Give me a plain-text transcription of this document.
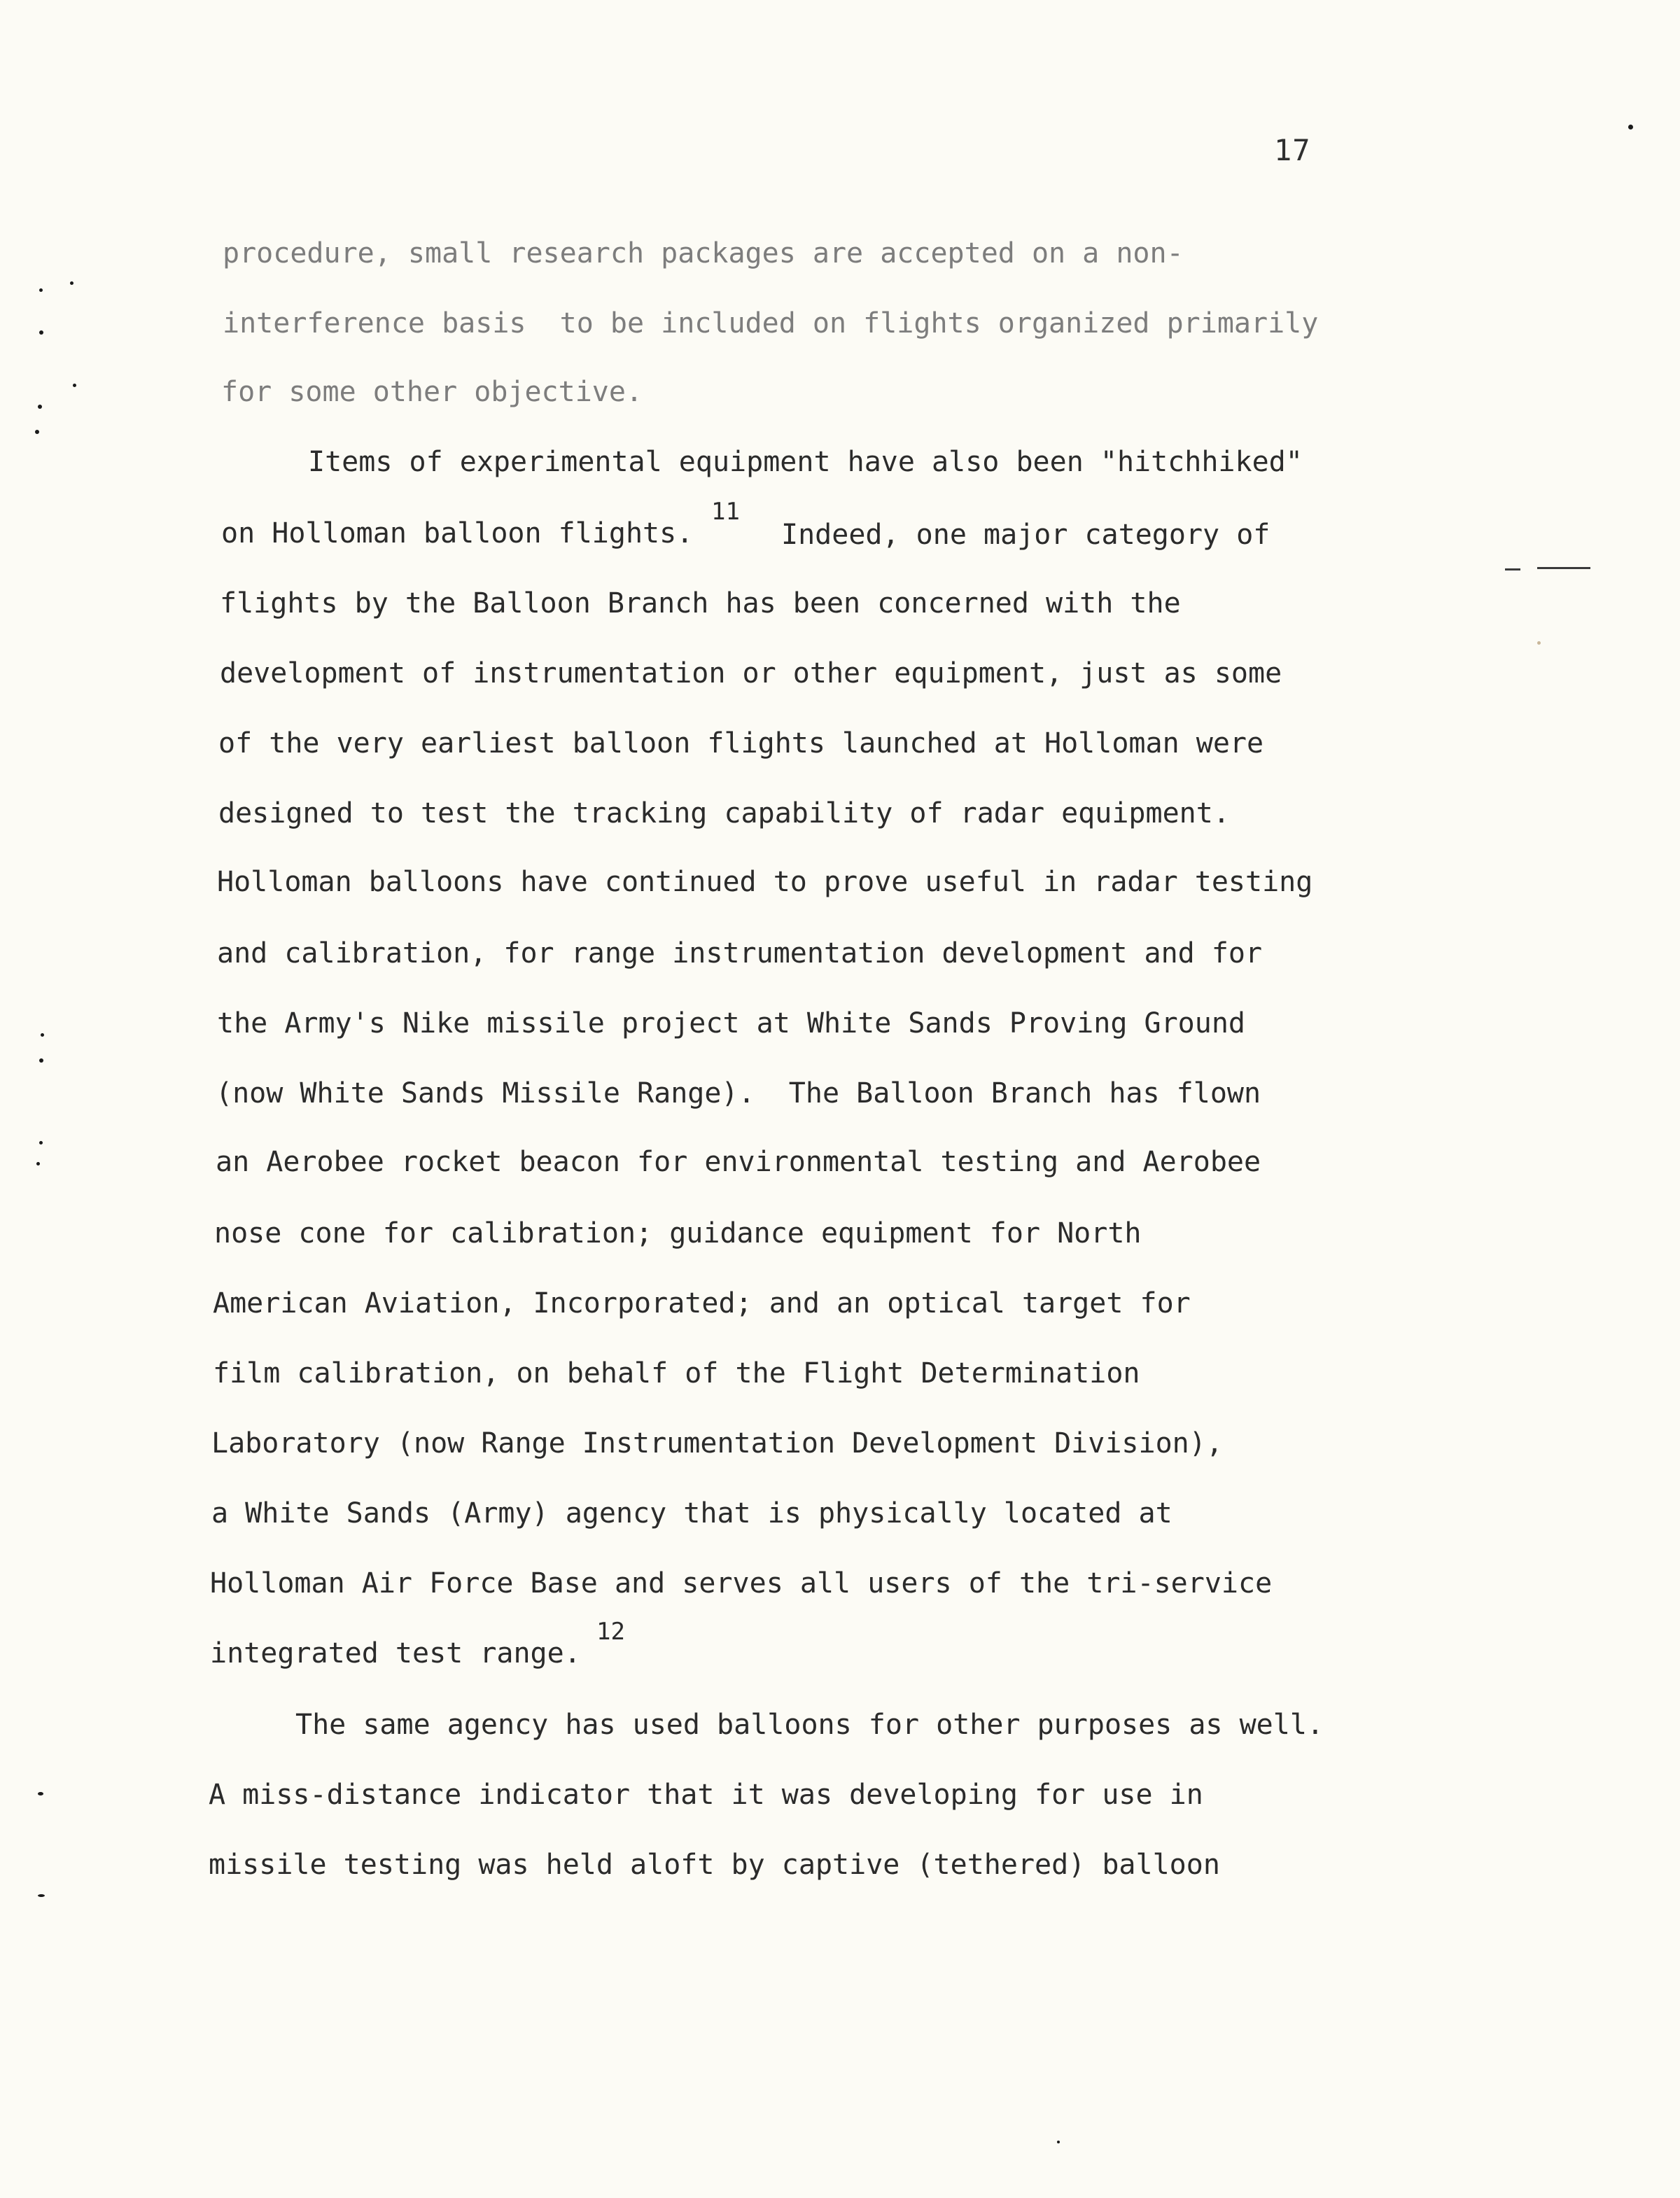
17
procedure, small research packages are accepted on a non-
interference basis  to be included on flights organized primarily
for some other objective.
Items of experimental equipment have also been "hitchhiked"
on Holloman balloon flights.
11
Indeed, one major category of
flights by the Balloon Branch has been concerned with the
development of instrumentation or other equipment, just as some
of the very earliest balloon flights launched at Holloman were
designed to test the tracking capability of radar equipment.
Holloman balloons have continued to prove useful in radar testing
and calibration, for range instrumentation development and for
the Army's Nike missile project at White Sands Proving Ground
(now White Sands Missile Range).  The Balloon Branch has flown
an Aerobee rocket beacon for environmental testing and Aerobee
nose cone for calibration; guidance equipment for North
American Aviation, Incorporated; and an optical target for
film calibration, on behalf of the Flight Determination
Laboratory (now Range Instrumentation Development Division),
a White Sands (Army) agency that is physically located at
Holloman Air Force Base and serves all users of the tri-service
integrated test range.
12
The same agency has used balloons for other purposes as well.
A miss-distance indicator that it was developing for use in
missile testing was held aloft by captive (tethered) balloon
